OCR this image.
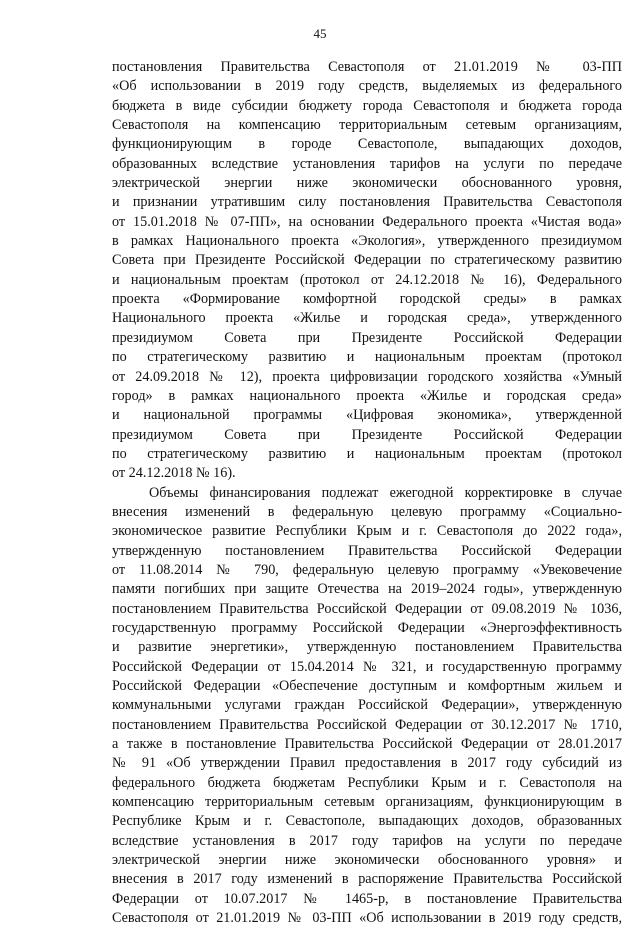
45
постановления Правительства Севастополя от 21.01.2019 № 03-ПП
«Об использовании в 2019 году средств, выделяемых из федерального
бюджета в виде субсидии бюджету города Севастополя и бюджета города
Севастополя на компенсацию территориальным сетевым организациям,
функционирующим в городе Севастополе, выпадающих доходов,
образованных вследствие установления тарифов на услуги по передаче
электрической энергии ниже экономически обоснованного уровня,
и признании утратившим силу постановления Правительства Севастополя
от 15.01.2018 № 07-ПП», на основании Федерального проекта «Чистая вода»
в рамках Национального проекта «Экология», утвержденного президиумом
Совета при Президенте Российской Федерации по стратегическому развитию
и национальным проектам (протокол от 24.12.2018 № 16), Федерального
проекта «Формирование комфортной городской среды» в рамках
Национального проекта «Жилье и городская среда», утвержденного
президиумом Совета при Президенте Российской Федерации
по стратегическому развитию и национальным проектам (протокол
от 24.09.2018 № 12), проекта цифровизации городского хозяйства «Умный
город» в рамках национального проекта «Жилье и городская среда»
и национальной программы «Цифровая экономика», утвержденной
президиумом Совета при Президенте Российской Федерации
по стратегическому развитию и национальным проектам (протокол
от 24.12.2018 № 16).
Объемы финансирования подлежат ежегодной корректировке в случае
внесения изменений в федеральную целевую программу «Социально-
экономическое развитие Республики Крым и г. Севастополя до 2022 года»,
утвержденную постановлением Правительства Российской Федерации
от 11.08.2014 № 790, федеральную целевую программу «Увековечение
памяти погибших при защите Отечества на 2019–2024 годы», утвержденную
постановлением Правительства Российской Федерации от 09.08.2019 № 1036,
государственную программу Российской Федерации «Энергоэффективность
и развитие энергетики», утвержденную постановлением Правительства
Российской Федерации от 15.04.2014 № 321, и государственную программу
Российской Федерации «Обеспечение доступным и комфортным жильем и
коммунальными услугами граждан Российской Федерации», утвержденную
постановлением Правительства Российской Федерации от 30.12.2017 № 1710,
а также в постановление Правительства Российской Федерации от 28.01.2017
№ 91 «Об утверждении Правил предоставления в 2017 году субсидий из
федерального бюджета бюджетам Республики Крым и г. Севастополя на
компенсацию территориальным сетевым организациям, функционирующим в
Республике Крым и г. Севастополе, выпадающих доходов, образованных
вследствие установления в 2017 году тарифов на услуги по передаче
электрической энергии ниже экономически обоснованного уровня» и
внесения в 2017 году изменений в распоряжение Правительства Российской
Федерации от 10.07.2017 № 1465-р, в постановление Правительства
Севастополя от 21.01.2019 № 03-ПП «Об использовании в 2019 году средств,
